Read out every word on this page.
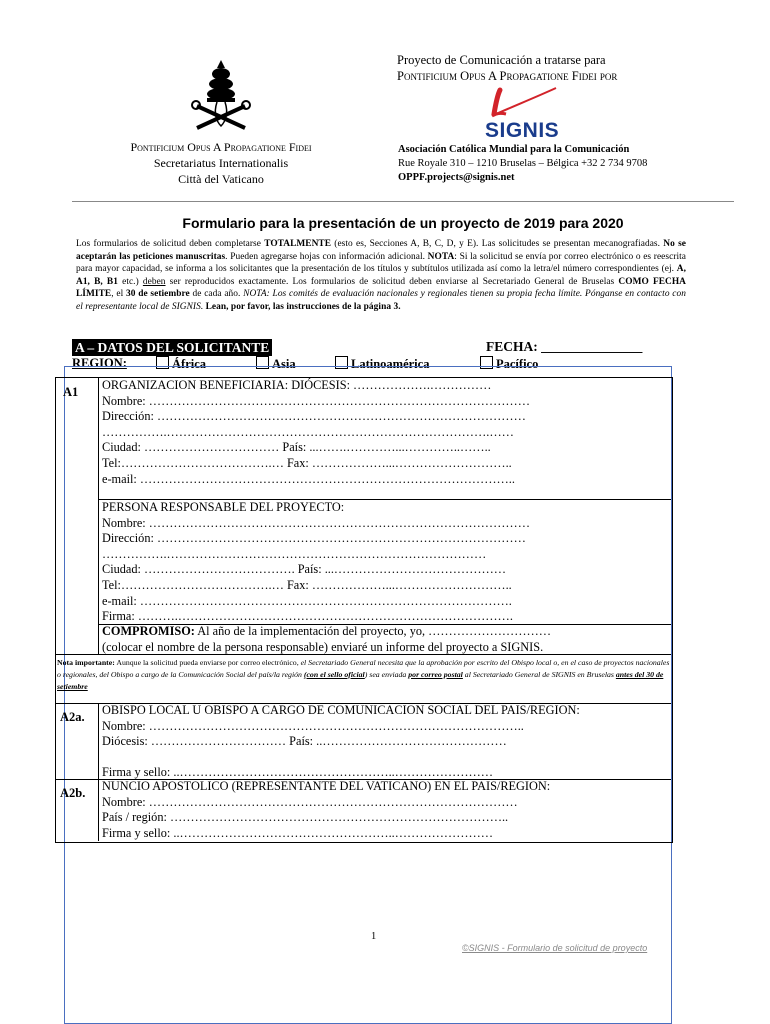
Proyecto de Comunicación a tratarse para
Pontificium Opus A Propagatione Fidei por
SIGNIS
Pontificium Opus A Propagatione Fidei
Secretariatus Internationalis
Città del Vaticano
Asociación Católica Mundial para la Comunicación
Rue Royale 310 – 1210 Bruselas – Bélgica +32 2 734 9708
OPPF.projects@signis.net
Formulario para la presentación de un proyecto de 2019 para 2020
Los formularios de solicitud deben completarse TOTALMENTE (esto es, Secciones A, B, C, D, y E). Las solicitudes se presentan mecanografiadas. No se aceptarán las peticiones manuscritas. Pueden agregarse hojas con información adicional. NOTA: Si la solicitud se envía por correo electrónico o es reescrita para mayor capacidad, se informa a los solicitantes que la presentación de los títulos y subtítulos utilizada así como la letra/el número correspondientes (ej. A, A1, B, B1 etc.) deben ser reproducidos exactamente. Los formularios de solicitud deben enviarse al Secretariado General de Bruselas COMO FECHA LÍMITE, el 30 de setiembre de cada año. NOTA: Los comités de evaluación nacionales y regionales tienen su propia fecha límite. Pónganse en contacto con el representante local de SIGNIS. Lean, por favor, las instrucciones de la página 3.
A – DATOS DEL SOLICITANTE	FECHA: _______________
REGION:	África	Asia	Latinoamérica	Pacífico
A1 ORGANIZACION BENEFICIARIA: DIÓCESIS: ……………….……………
Nombre: …………………………………………………………………………………
Dirección: ………………………………………………………………………………
…………….…………………………………………………………………….……
Ciudad: …………………………… País: ...…….…………...…………..……..
Tel:……………………………….… Fax: ………………...………………………..
e-mail: ………………………………………………………………………………..
PERSONA RESPONSABLE DEL PROYECTO:
Nombre: …………………………………………………………………………………
Dirección: ………………………………………………………………………………
…………….……………………………………………………………………
Ciudad: ………………………………. País: ...……………………………………
Tel:……………………………….… Fax: ………………...………………………..
e-mail: ……………………………………………………………………………….
Firma: ……….……………………………………………………………………….
COMPROMISO: Al año de la implementación del proyecto, yo, …………………………
(colocar el nombre de la persona responsable) enviaré un informe del proyecto a SIGNIS.
Nota importante: Aunque la solicitud pueda enviarse por correo electrónico, el Secretariado General necesita que la aprobación por escrito del Obispo local o, en el caso de proyectos nacionales o regionales, del Obispo a cargo de la Comunicación Social del país/la región (con el sello oficial) sea enviada por correo postal al Secretariado General de SIGNIS en Bruselas antes del 30 de setiembre
A2a. OBISPO LOCAL U OBISPO A CARGO DE COMUNICACION SOCIAL DEL PAIS/REGION:
Nombre: ………………………………………………………………………………..
Diócesis: …………………………… País: ..………………………………………
Firma y sello: ..……………………………………………..……………………
A2b. NUNCIO APOSTOLICO (REPRESENTANTE DEL VATICANO) EN EL PAIS/REGION:
Nombre: ………………………………………………………………………………
País / región: ………………………………………………………………………..
Firma y sello: ..……………………………………………..……………………
1
©SIGNIS - Formulario de solicitud de proyecto
